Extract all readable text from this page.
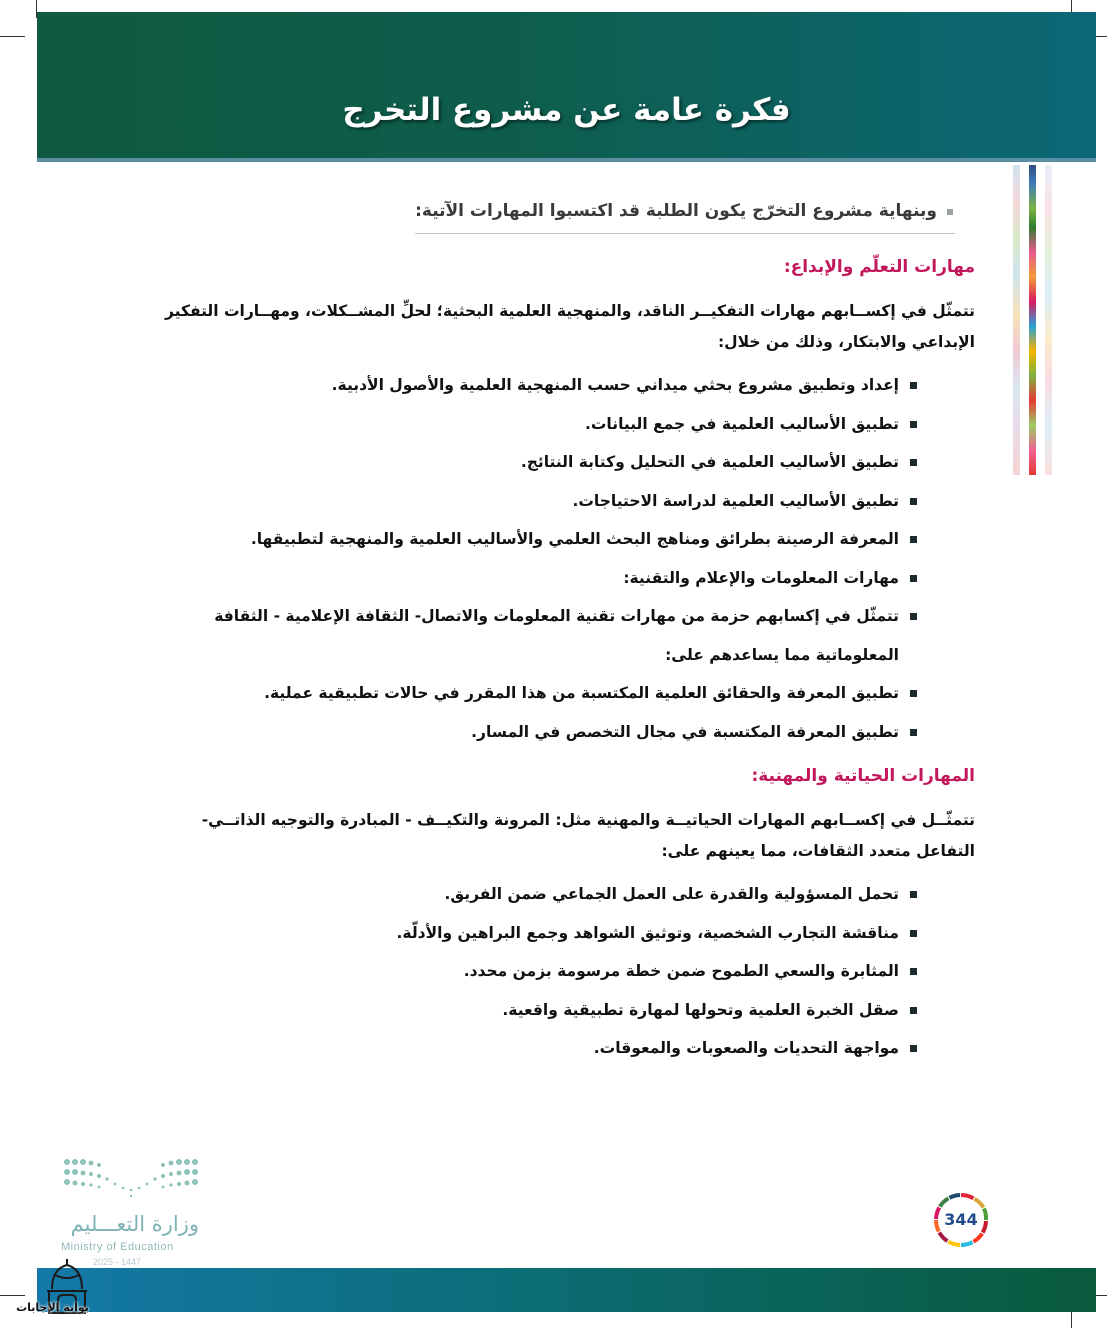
فكرة عامة عن مشروع التخرج
وبنهاية مشروع التخرّج يكون الطلبة قد اكتسبوا المهارات الآتية:
مهارات التعلّم والإبداع:
تتمثّل في إكســابهم مهارات التفكيــر الناقد، والمنهجية العلمية البحثية؛ لحلِّ المشــكلات، ومهــارات التفكير الإبداعي والابتكار، وذلك من خلال:
إعداد وتطبيق مشروع بحثي ميداني حسب المنهجية العلمية والأصول الأدبية.
تطبيق الأساليب العلمية في جمع البيانات.
تطبيق الأساليب العلمية في التحليل وكتابة النتائج.
تطبيق الأساليب العلمية لدراسة الاحتياجات.
المعرفة الرصينة بطرائق ومناهج البحث العلمي والأساليب العلمية والمنهجية لتطبيقها.
مهارات المعلومات والإعلام والتقنية:
تتمثّل في إكسابهم حزمة من مهارات تقنية المعلومات والاتصال- الثقافة الإعلامية - الثقافة المعلوماتية مما يساعدهم على:
تطبيق المعرفة والحقائق العلمية المكتسبة من هذا المقرر في حالات تطبيقية عملية.
تطبيق المعرفة المكتسبة في مجال التخصص في المسار.
المهارات الحياتية والمهنية:
تتمثّــل في إكســابهم المهارات الحياتيــة والمهنية مثل: المرونة والتكيــف - المبادرة والتوجيه الذاتــي- التفاعل متعدد الثقافات، مما يعينهم على:
تحمل المسؤولية والقدرة على العمل الجماعي ضمن الفريق.
مناقشة التجارب الشخصية، وتوثيق الشواهد وجمع البراهين والأدلّة.
المثابرة والسعي الطموح ضمن خطة مرسومة بزمن محدد.
صقل الخبرة العلمية وتحولها لمهارة تطبيقية واقعية.
مواجهة التحديات والصعوبات والمعوقات.
344
وزارة التعـــليم
Ministry of Education
2025 - 1447
بوابة الإجابات
